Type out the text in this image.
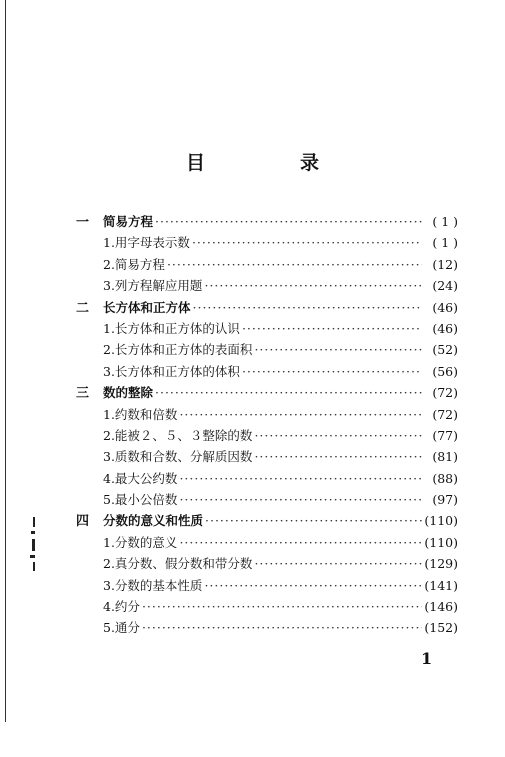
目　录
一	简易方程 ·····	( 1 )
1.用字母表示数 ·····	( 1 )
2.简易方程 ·····	(12)
3.列方程解应用题 ·····	(24)
二	长方体和正方体 ·····	(46)
1.长方体和正方体的认识 ·····	(46)
2.长方体和正方体的表面积 ·····	(52)
3.长方体和正方体的体积 ·····	(56)
三	数的整除 ·····	(72)
1.约数和倍数 ·····	(72)
2.能被２、５、３整除的数 ·····	(77)
3.质数和合数、分解质因数 ·····	(81)
4.最大公约数 ·····	(88)
5.最小公倍数 ·····	(97)
四	分数的意义和性质 ·····	(110)
1.分数的意义 ·····	(110)
2.真分数、假分数和带分数 ·····	(129)
3.分数的基本性质 ·····	(141)
4.约分 ·····	(146)
5.通分 ·····	(152)
1
